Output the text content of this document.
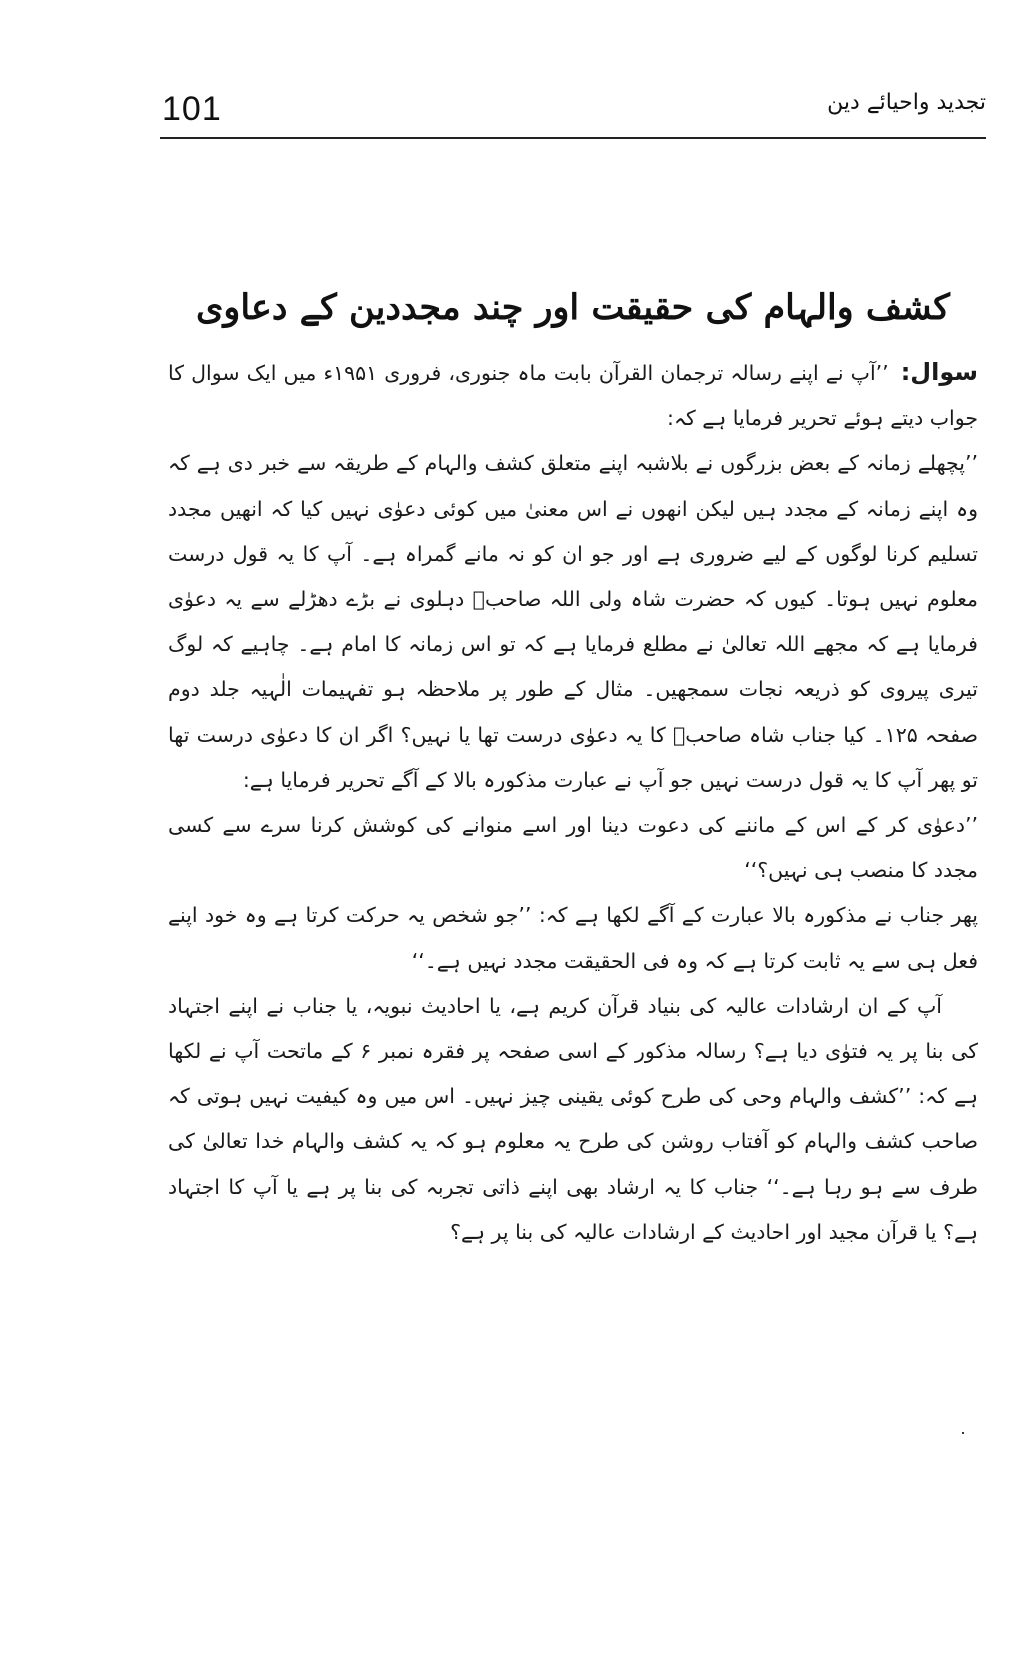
101	تجدید واحیائے دین
کشف والہام کی حقیقت اور چند مجددین کے دعاوی

سوال:’’آپ نے اپنے رسالہ ترجمان القرآن بابت ماہ جنوری، فروری ۱۹۵۱ء میں ایک سوال کا جواب دیتے ہوئے تحریر فرمایا ہے کہ:

’’پچھلے زمانہ کے بعض بزرگوں نے بلاشبہ اپنے متعلق کشف والہام کے طریقہ سے خبر دی ہے کہ وہ اپنے زمانہ کے مجدد ہیں لیکن انھوں نے اس معنیٰ میں کوئی دعوٰی نہیں کیا کہ انھیں مجدد تسلیم کرنا لوگوں کے لیے ضروری ہے اور جو ان کو نہ مانے گمراہ ہے۔ آپ کا یہ قول درست معلوم نہیں ہوتا۔ کیوں کہ حضرت شاہ ولی اللہ صاحبؒ دہلوی نے بڑے دھڑلے سے یہ دعوٰی فرمایا ہے کہ مجھے اللہ تعالیٰ نے مطلع فرمایا ہے کہ تو اس زمانہ کا امام ہے۔ چاہیے کہ لوگ تیری پیروی کو ذریعہ نجات سمجھیں۔ مثال کے طور پر ملاحظہ ہو تفہیمات الٰہیہ جلد دوم صفحہ ۱۲۵۔ کیا جناب شاہ صاحبؒ کا یہ دعوٰی درست تھا یا نہیں؟ اگر ان کا دعوٰی درست تھا تو پھر آپ کا یہ قول درست نہیں جو آپ نے عبارت مذکورہ بالا کے آگے تحریر فرمایا ہے:

’’دعوٰی کر کے اس کے ماننے کی دعوت دینا اور اسے منوانے کی کوشش کرنا سرے سے کسی مجدد کا منصب ہی نہیں؟‘‘

پھر جناب نے مذکورہ بالا عبارت کے آگے لکھا ہے کہ: ’’جو شخص یہ حرکت کرتا ہے وہ خود اپنے فعل ہی سے یہ ثابت کرتا ہے کہ وہ فی الحقیقت مجدد نہیں ہے۔‘‘

آپ کے ان ارشادات عالیہ کی بنیاد قرآن کریم ہے، یا احادیث نبویہ، یا جناب نے اپنے اجتہاد کی بنا پر یہ فتوٰی دیا ہے؟ رسالہ مذکور کے اسی صفحہ پر فقرہ نمبر ۶ کے ماتحت آپ نے لکھا ہے کہ: ’’کشف والہام وحی کی طرح کوئی یقینی چیز نہیں۔ اس میں وہ کیفیت نہیں ہوتی کہ صاحب کشف والہام کو آفتاب روشن کی طرح یہ معلوم ہو کہ یہ کشف والہام خدا تعالیٰ کی طرف سے ہو رہا ہے۔‘‘ جناب کا یہ ارشاد بھی اپنے ذاتی تجربہ کی بنا پر ہے یا آپ کا اجتہاد ہے؟ یا قرآن مجید اور احادیث کے ارشادات عالیہ کی بنا پر ہے؟
